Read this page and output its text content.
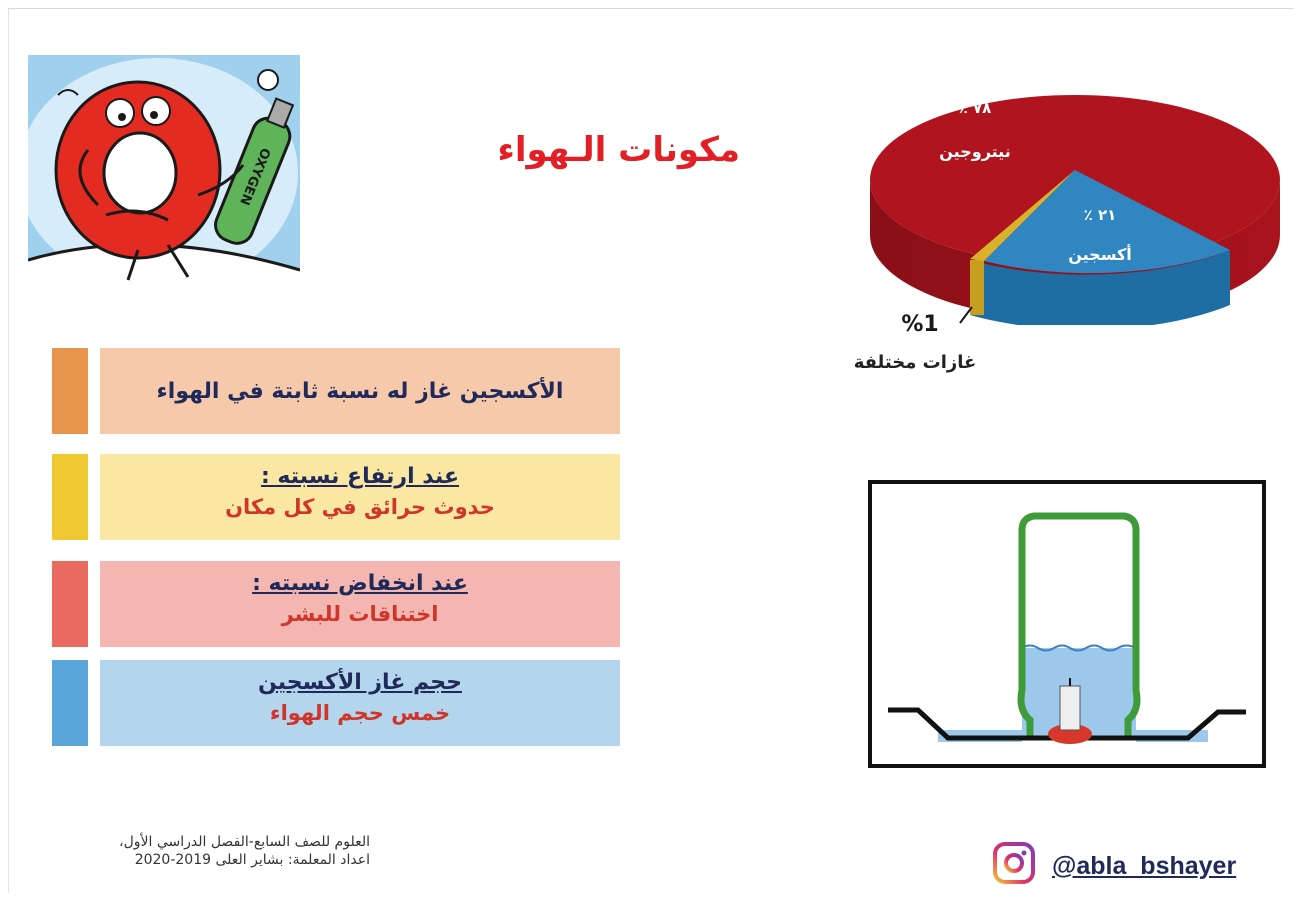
OXYGEN	مكونات الـهواء
٧٨ ٪
نيتروجين
٢١ ٪
أكسجين
%1
غازات مختلفة
الأكسجين غاز له نسبة ثابتة في الهواء
عند ارتفاع نسبته :
حدوث حرائق في كل مكان
عند انخفاض نسبته :
اختناقات للبشر
حجم غاز الأكسجين
خمس حجم الهواء
العلوم للصف السابع-الفصل الدراسي الأول،
اعداد المعلمة: بشاير العلى 2019-2020	@abla_bshayer
